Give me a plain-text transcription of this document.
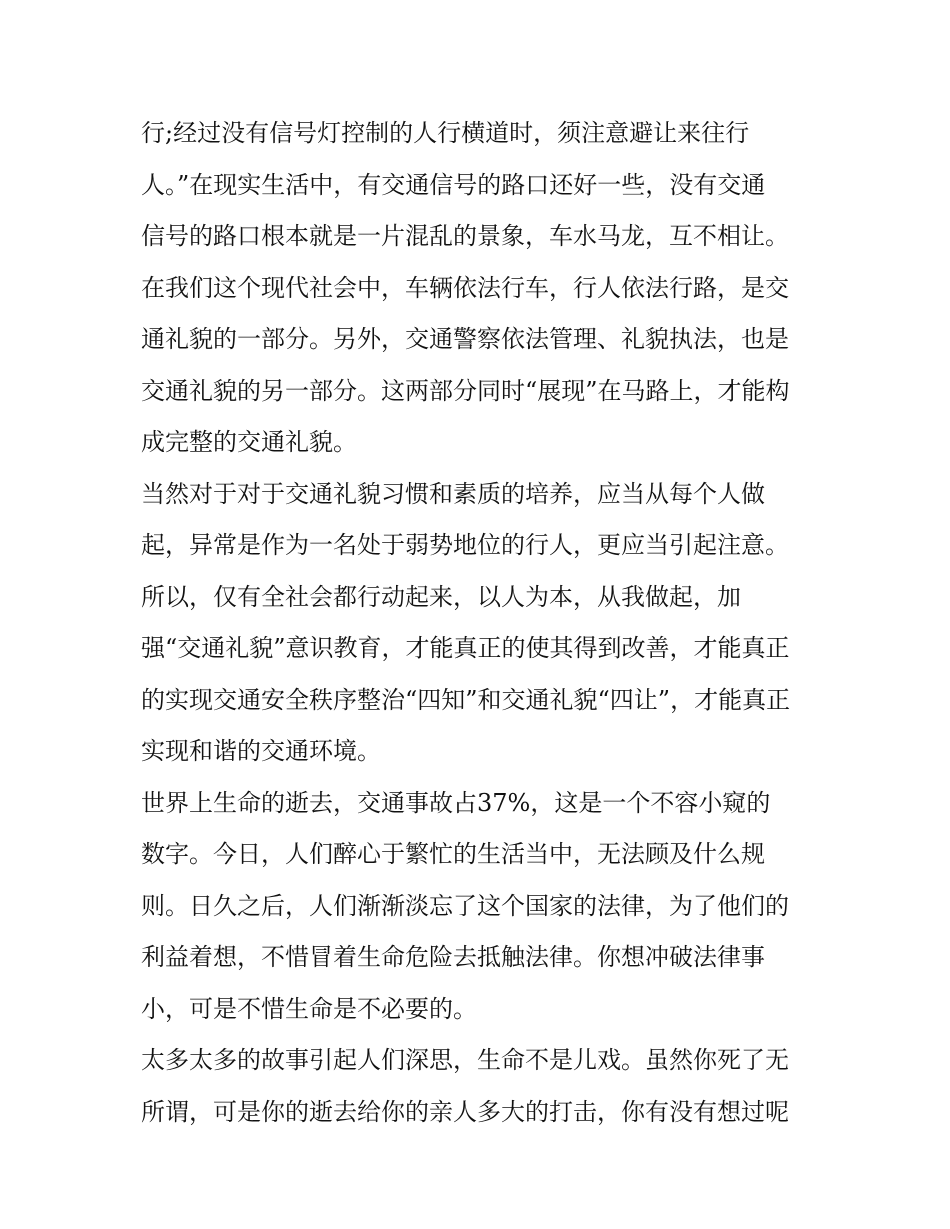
行;经过没有信号灯控制的人行横道时，须注意避让来往行
人。”在现实生活中，有交通信号的路口还好一些，没有交通
信号的路口根本就是一片混乱的景象，车水马龙，互不相让。
在我们这个现代社会中，车辆依法行车，行人依法行路，是交
通礼貌的一部分。另外，交通警察依法管理、礼貌执法，也是
交通礼貌的另一部分。这两部分同时“展现”在马路上，才能构
成完整的交通礼貌。
当然对于对于交通礼貌习惯和素质的培养，应当从每个人做
起，异常是作为一名处于弱势地位的行人，更应当引起注意。
所以，仅有全社会都行动起来，以人为本，从我做起，加
强“交通礼貌”意识教育，才能真正的使其得到改善，才能真正
的实现交通安全秩序整治“四知”和交通礼貌“四让”，才能真正
实现和谐的交通环境。
世界上生命的逝去，交通事故占37%，这是一个不容小窥的
数字。今日，人们醉心于繁忙的生活当中，无法顾及什么规
则。日久之后，人们渐渐淡忘了这个国家的法律，为了他们的
利益着想，不惜冒着生命危险去抵触法律。你想冲破法律事
小，可是不惜生命是不必要的。
太多太多的故事引起人们深思，生命不是儿戏。虽然你死了无
所谓，可是你的逝去给你的亲人多大的打击，你有没有想过呢
